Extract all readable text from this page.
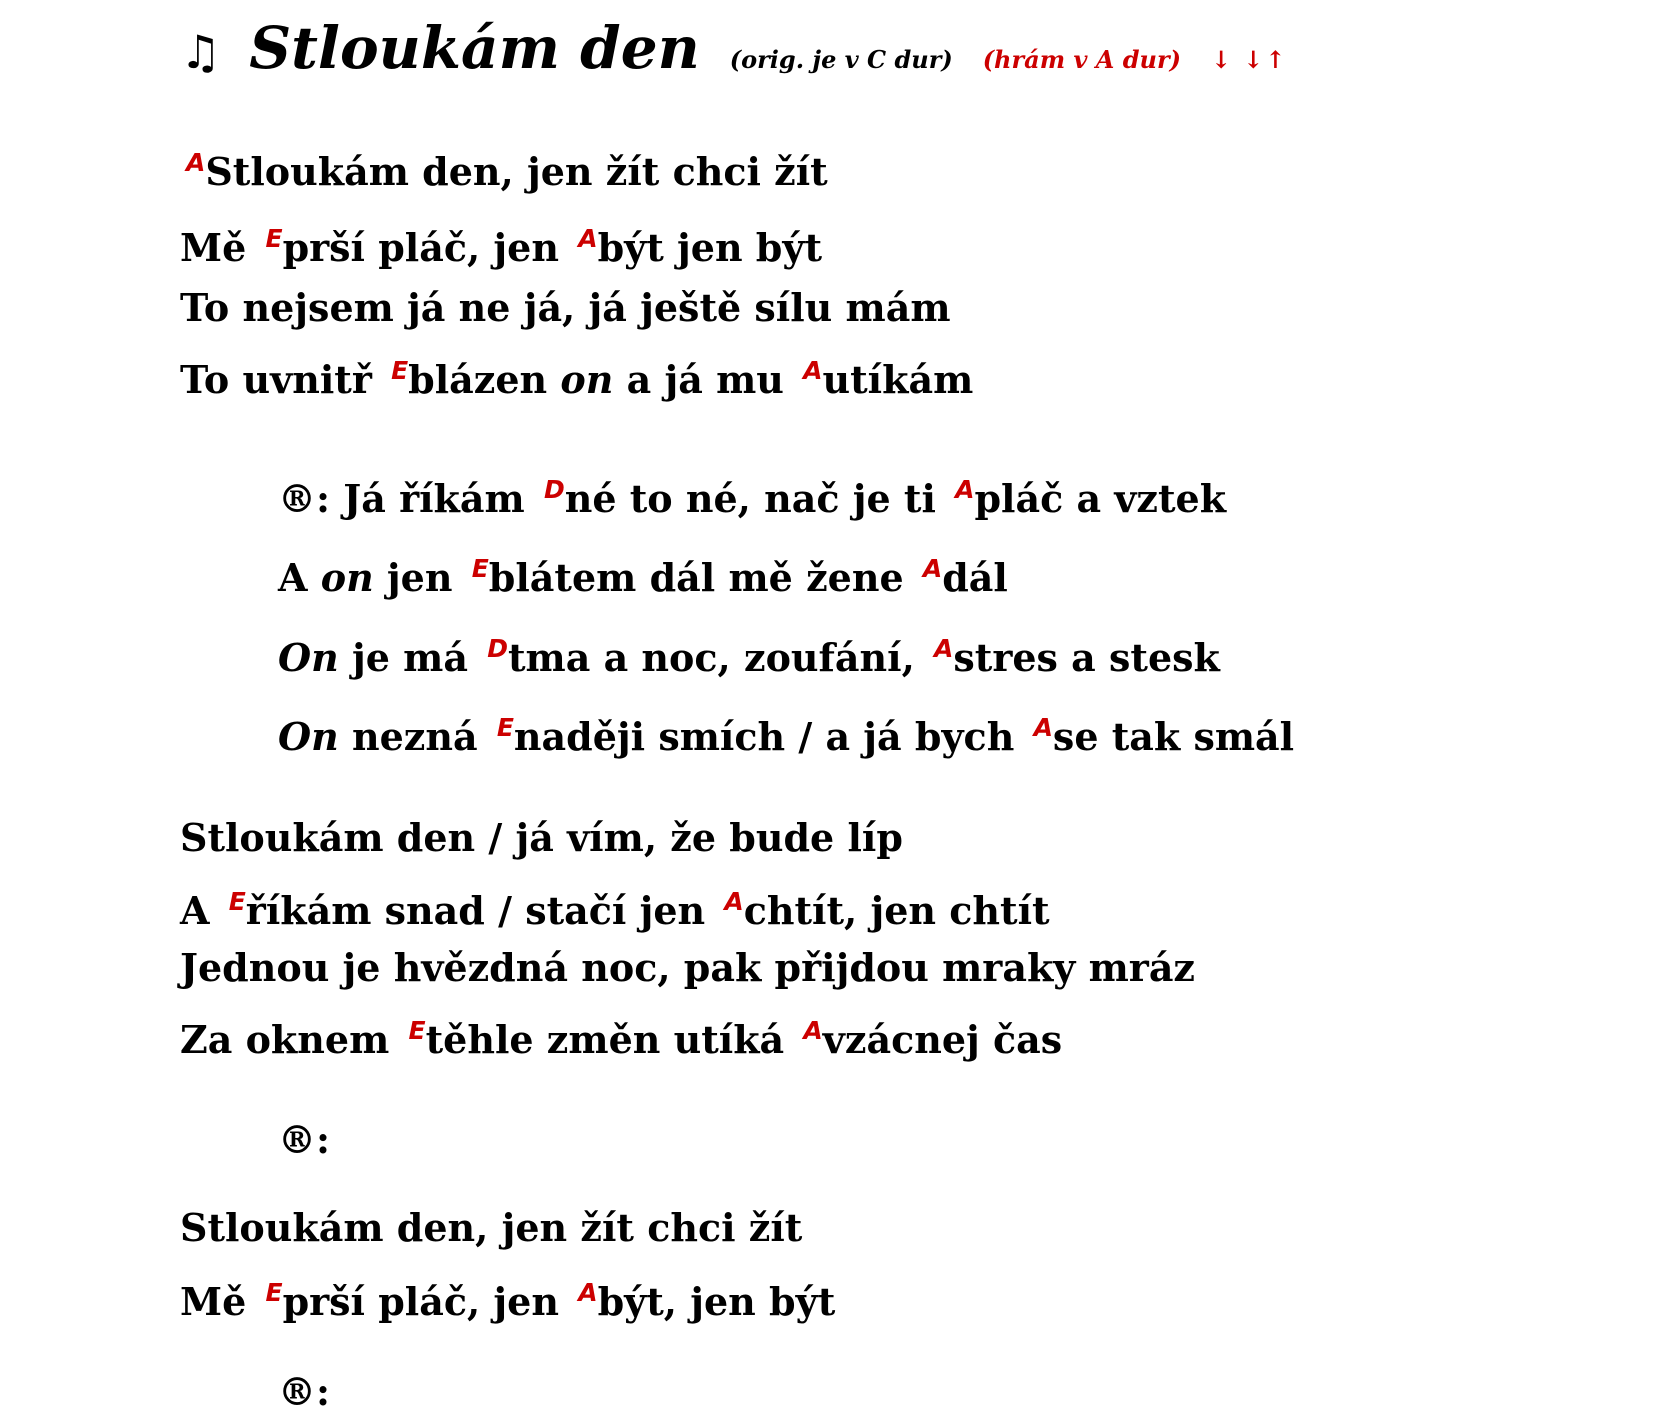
♫ Stloukám den (orig. je v C dur) (hrám v A dur) ↓ ↓↑
$^A$Stloukám den, jen žít chci žít
Mě $^E$prší pláč, jen $^A$být jen být
To nejsem já ne já, já ještě sílu mám
To uvnitř $^E$blázen on a já mu $^A$utíkám
®: Já říkám $^D$né to né, nač je ti $^A$pláč a vztek
A on jen $^E$blátem dál mě žene $^A$dál
On je má $^D$tma a noc, zoufání, $^A$stres a stesk
On nezná $^E$naději smích / a já bych $^A$se tak smál
Stloukám den / já vím, že bude líp
A $^E$říkám snad / stačí jen $^A$chtít, jen chtít
Jednou je hvězdná noc, pak přijdou mraky mráz
Za oknem $^E$těhle změn utíká $^A$vzácnej čas
®:
Stloukám den, jen žít chci žít
Mě $^E$prší pláč, jen $^A$být, jen být
®:
